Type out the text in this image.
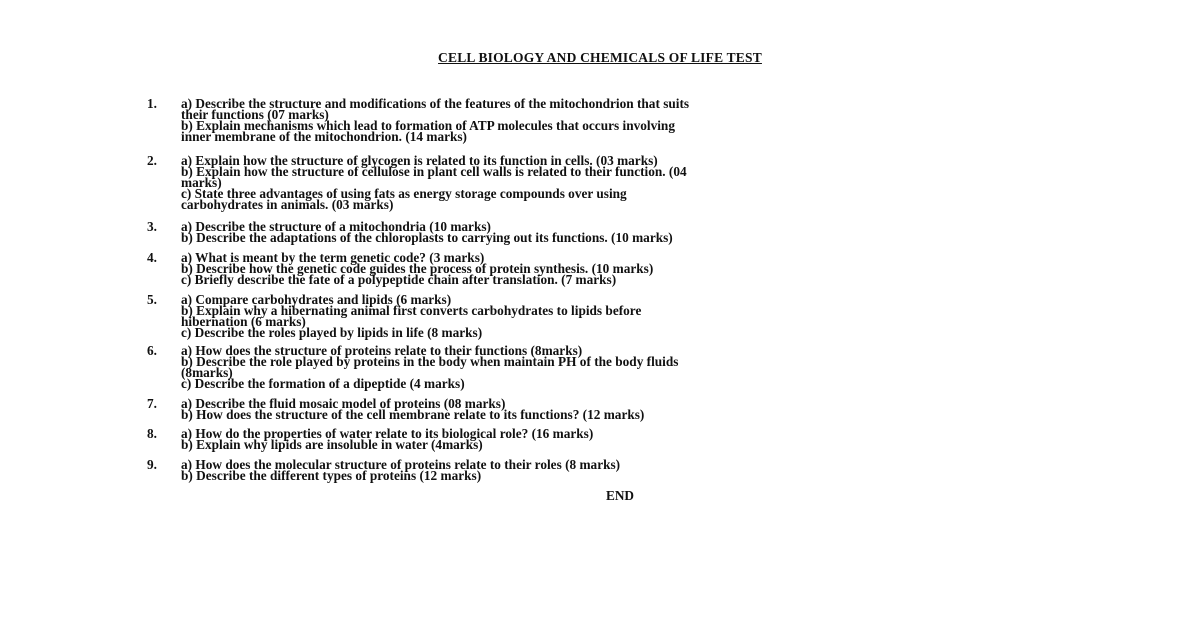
CELL BIOLOGY AND CHEMICALS OF LIFE TEST
1.	a) Describe the structure and modifications of the features of the mitochondrion that suits
their functions (07 marks)
b) Explain mechanisms which lead to formation of ATP molecules that occurs involving
inner membrane of the mitochondrion. (14 marks)
2.	a) Explain how the structure of glycogen is related to its function in cells. (03 marks)
b) Explain how the structure of cellulose in plant cell walls is related to their function. (04
marks)
c) State three advantages of using fats as energy storage compounds over using
carbohydrates in animals. (03 marks)
3.	a) Describe the structure of a mitochondria (10 marks)
b) Describe the adaptations of the chloroplasts to carrying out its functions. (10 marks)
4.	a) What is meant by the term genetic code? (3 marks)
b) Describe how the genetic code guides the process of protein synthesis. (10 marks)
c) Briefly describe the fate of a polypeptide chain after translation. (7 marks)
5.	a) Compare carbohydrates and lipids (6 marks)
b) Explain why a hibernating animal first converts carbohydrates to lipids before
hibernation (6 marks)
c) Describe the roles played by lipids in life (8 marks)
6.	a) How does the structure of proteins relate to their functions (8marks)
b) Describe the role played by proteins in the body when maintain PH of the body fluids
(8marks)
c) Describe the formation of a dipeptide (4 marks)
7.	a) Describe the fluid mosaic model of proteins (08 marks)
b) How does the structure of the cell membrane relate to its functions? (12 marks)
8.	a) How do the properties of water relate to its biological role? (16 marks)
b) Explain why lipids are insoluble in water (4marks)
9.	a) How does the molecular structure of proteins relate to their roles (8 marks)
b) Describe the different types of proteins (12 marks)
END
